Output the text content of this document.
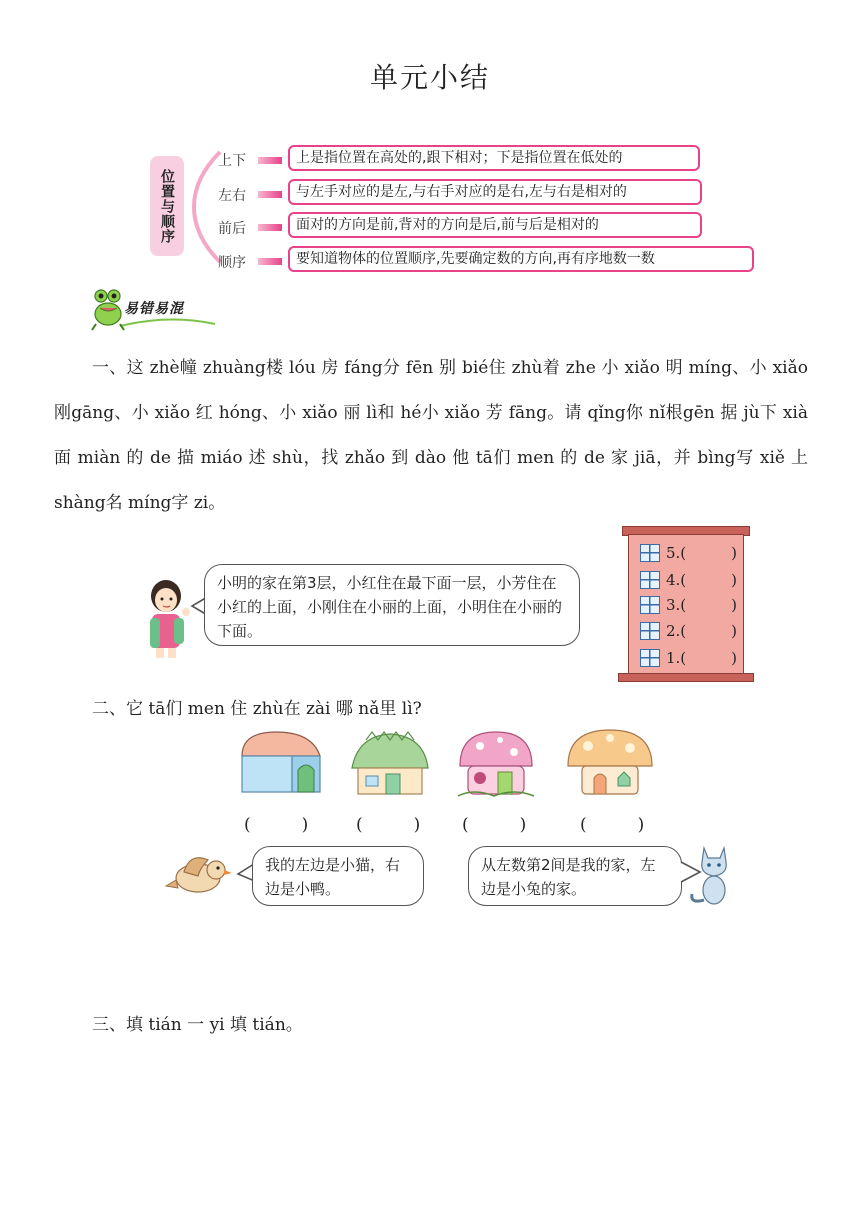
单元小结
位置与顺序
上下	上是指位置在高处的,跟下相对；下是指位置在低处的
左右	与左手对应的是左,与右手对应的是右,左与右是相对的
前后	面对的方向是前,背对的方向是后,前与后是相对的
顺序	要知道物体的位置顺序,先要确定数的方向,再有序地数一数
易错易混
一、这 zhè幢 zhuàng楼 lóu 房 fáng分 fēn 别 bié住 zhù着 zhe 小 xiǎo 明 míng、小 xiǎo 刚gāng、小 xiǎo 红 hóng、小 xiǎo 丽 lì和 hé小 xiǎo 芳 fāng。请 qǐng你 nǐ根gēn 据 jù下 xià面 miàn 的 de 描 miáo 述 shù，找 zhǎo 到 dào 他 tā们 men 的 de 家 jiā，并 bìng写 xiě 上 shàng名 míng字 zi。
小明的家在第3层，小红住在最下面一层，小芳住在小红的上面，小刚住在小丽的上面，小明住在小丽的下面。
5.(　　　)
4.(　　　)
3.(　　　)
2.(　　　)
1.(　　　)
二、它 tā们 men 住 zhù在 zài 哪 nǎ里 lì?
(　　　)	(　　　) (　　　)	(　　　)
我的左边是小猫，右边是小鸭。
从左数第2间是我的家，左边是小兔的家。
三、填 tián 一 yi 填 tián。
